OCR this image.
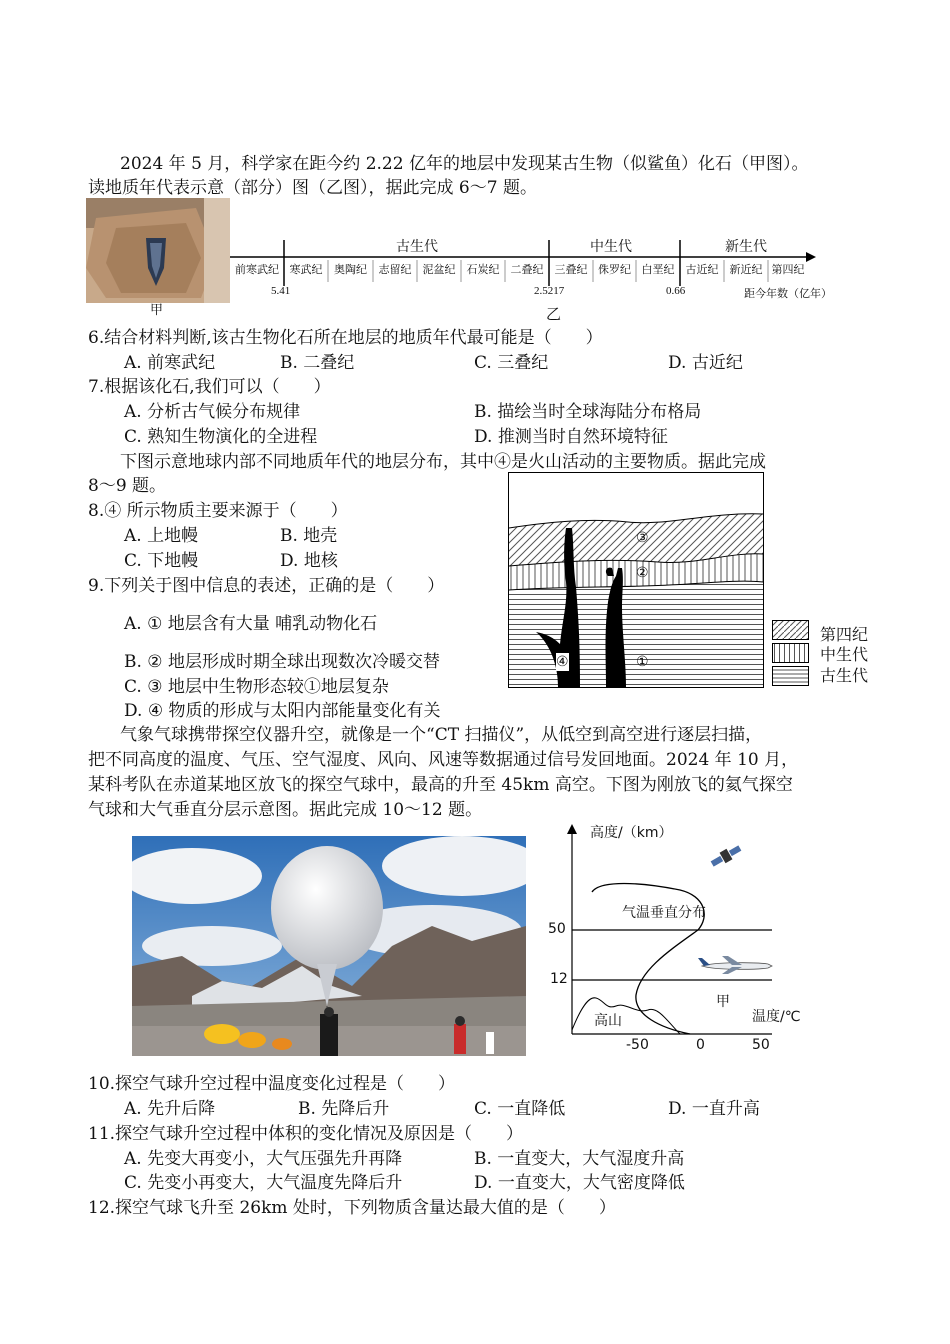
2024 年 5 月，科学家在距今约 2.22 亿年的地层中发现某古生物（似鲨鱼）化石（甲图）。
读地质年代表示意（部分）图（乙图），据此完成 6～7 题。
甲
古生代	中生代	新生代
前寒武纪 寒武纪	奥陶纪	志留纪	泥盆纪	石炭纪	二叠纪	三叠纪 侏罗纪 白垩纪	古近纪	新近纪 第四纪
5.41	2.5217	0.66	距今年数（亿年）
乙
6.结合材料判断,该古生物化石所在地层的地质年代最可能是（　　）
A. 前寒武纪	B. 二叠纪	C. 三叠纪	D. 古近纪
7.根据该化石,我们可以（　　）
A. 分析古气候分布规律	B. 描绘当时全球海陆分布格局
C. 熟知生物演化的全进程	D. 推测当时自然环境特征
下图示意地球内部不同地质年代的地层分布，其中④是火山活动的主要物质。据此完成
8～9 题。
8.④ 所示物质主要来源于（　　）
A. 上地幔	B. 地壳
C. 下地幔	D. 地核
9.下列关于图中信息的表述，正确的是（　　）
A. ① 地层含有大量 哺乳动物化石
B. ② 地层形成时期全球出现数次冷暖交替
C. ③ 地层中生物形态较①地层复杂
D. ④ 物质的形成与太阳内部能量变化有关
③
②
④	①
第四纪
中生代
古生代
气象气球携带探空仪器升空，就像是一个“CT 扫描仪”，从低空到高空进行逐层扫描，
把不同高度的温度、气压、空气湿度、风向、风速等数据通过信号发回地面。2024 年 10 月，
某科考队在赤道某地区放飞的探空气球中，最高的升至 45km 高空。下图为刚放飞的氦气探空
气球和大气垂直分层示意图。据此完成 10～12 题。
高度/（km）
气温垂直分布
50
12
甲
温度/℃
高山
-50	0	50
10.探空气球升空过程中温度变化过程是（　　）
A. 先升后降	B. 先降后升	C. 一直降低	D. 一直升高
11.探空气球升空过程中体积的变化情况及原因是（　　）
A. 先变大再变小，大气压强先升再降	B. 一直变大，大气湿度升高
C. 先变小再变大，大气温度先降后升	D. 一直变大，大气密度降低
12.探空气球飞升至 26km 处时，下列物质含量达最大值的是（　　）
